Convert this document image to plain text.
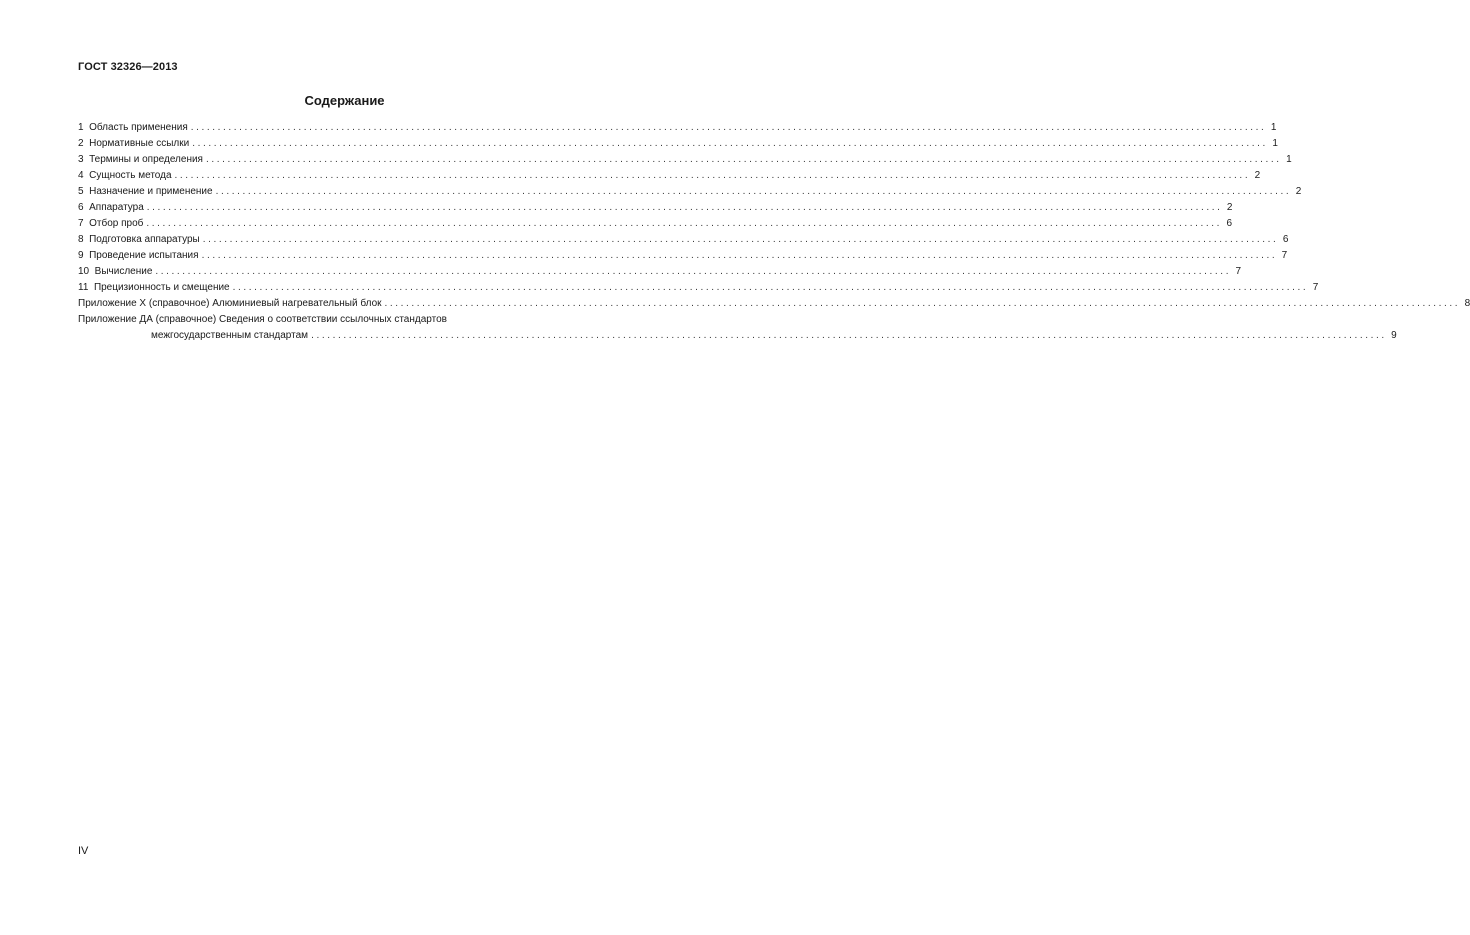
ГОСТ 32326—2013
Содержание
1  Область применения ........................................................................................................................................................................................................ 1
2  Нормативные ссылки ........................................................................................................................................................................................................ 1
3  Термины и определения ........................................................................................................................................................................................................ 1
4  Сущность метода ........................................................................................................................................................................................................ 2
5  Назначение и применение ........................................................................................................................................................................................................ 2
6  Аппаратура ........................................................................................................................................................................................................ 2
7  Отбор проб ........................................................................................................................................................................................................ 6
8  Подготовка аппаратуры ........................................................................................................................................................................................................ 6
9  Проведение испытания ........................................................................................................................................................................................................ 7
10  Вычисление ........................................................................................................................................................................................................ 7
11  Прецизионность и смещение ........................................................................................................................................................................................................ 7
Приложение Х (справочное) Алюминиевый нагревательный блок ........................................................................................................................................................................................................ 8
Приложение ДА (справочное) Сведения о соответствии ссылочных стандартов
межгосударственным стандартам ........................................................................................................................................................................................................ 9
IV
